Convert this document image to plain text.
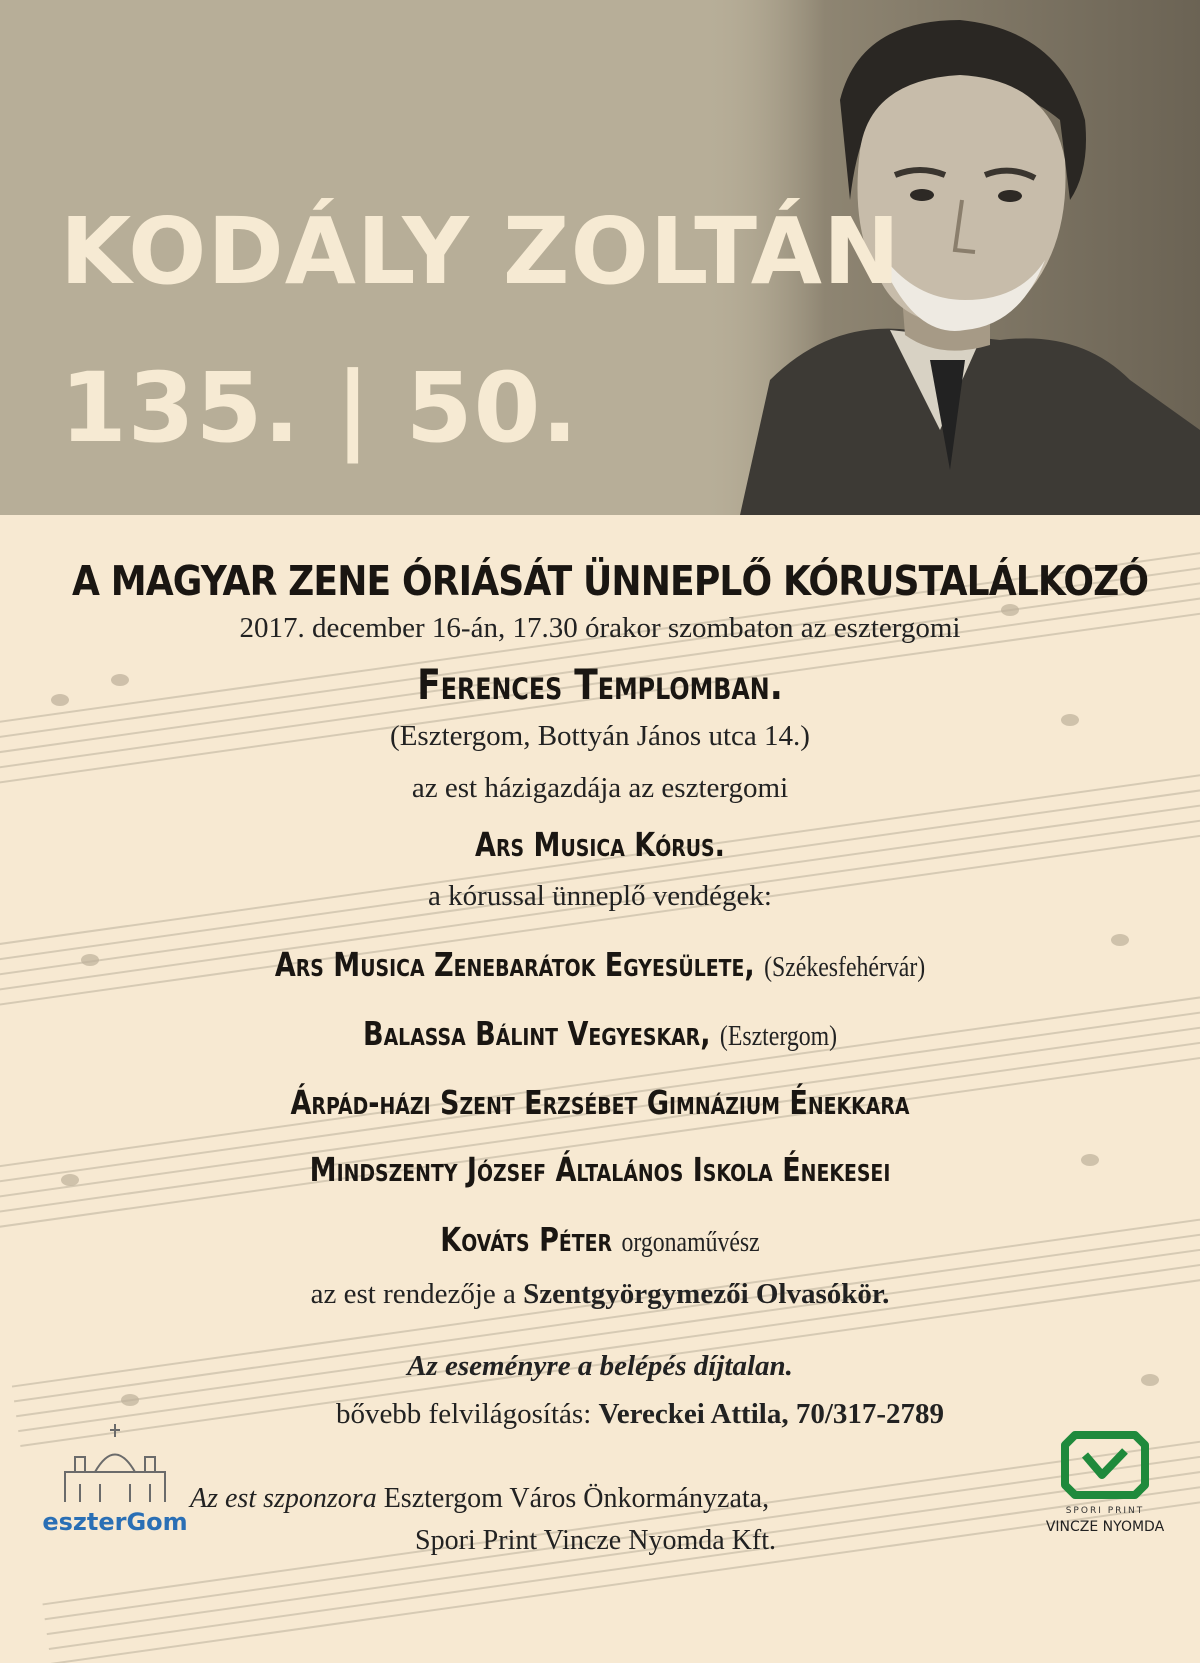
KODÁLY ZOLTÁN
135. | 50.
A MAGYAR ZENE ÓRIÁSÁT ÜNNEPLŐ KÓRUSTALÁLKOZÓ
2017. december 16-án, 17.30 órakor szombaton az esztergomi
Ferences Templomban.
(Esztergom, Bottyán János utca 14.)
az est házigazdája az esztergomi
Ars Musica Kórus.
a kórussal ünneplő vendégek:
Ars Musica Zenebarátok Egyesülete, (Székesfehérvár)
Balassa Bálint Vegyeskar, (Esztergom)
Árpád-házi Szent Erzsébet Gimnázium Énekkara
Mindszenty József Általános Iskola Énekesei
Kováts Péter orgonaművész
az est rendezője a Szentgyörgymezői Olvasókör.
Az eseményre a belépés díjtalan.
bővebb felvilágosítás: Vereckei Attila, 70/317-2789
Az est szponzora Esztergom Város Önkormányzata,
Spori Print Vincze Nyomda Kft.
eszterGom	SPORI PRINT
VINCZE NYOMDA
